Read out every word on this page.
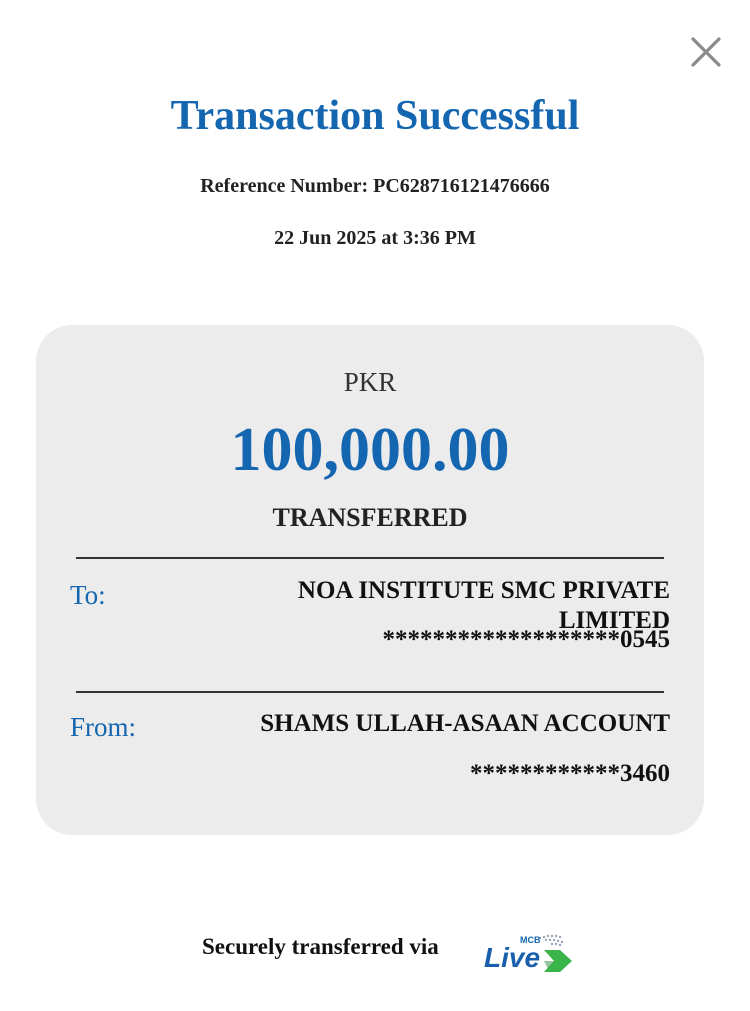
Transaction Successful
Reference Number: PC628716121476666
22 Jun 2025 at 3:36 PM
PKR
100,000.00
TRANSFERRED
To:	NOA INSTITUTE SMC PRIVATE LIMITED
*******************0545
From:	SHAMS ULLAH-ASAAN ACCOUNT
************3460
Securely transferred via	MCB
Live
